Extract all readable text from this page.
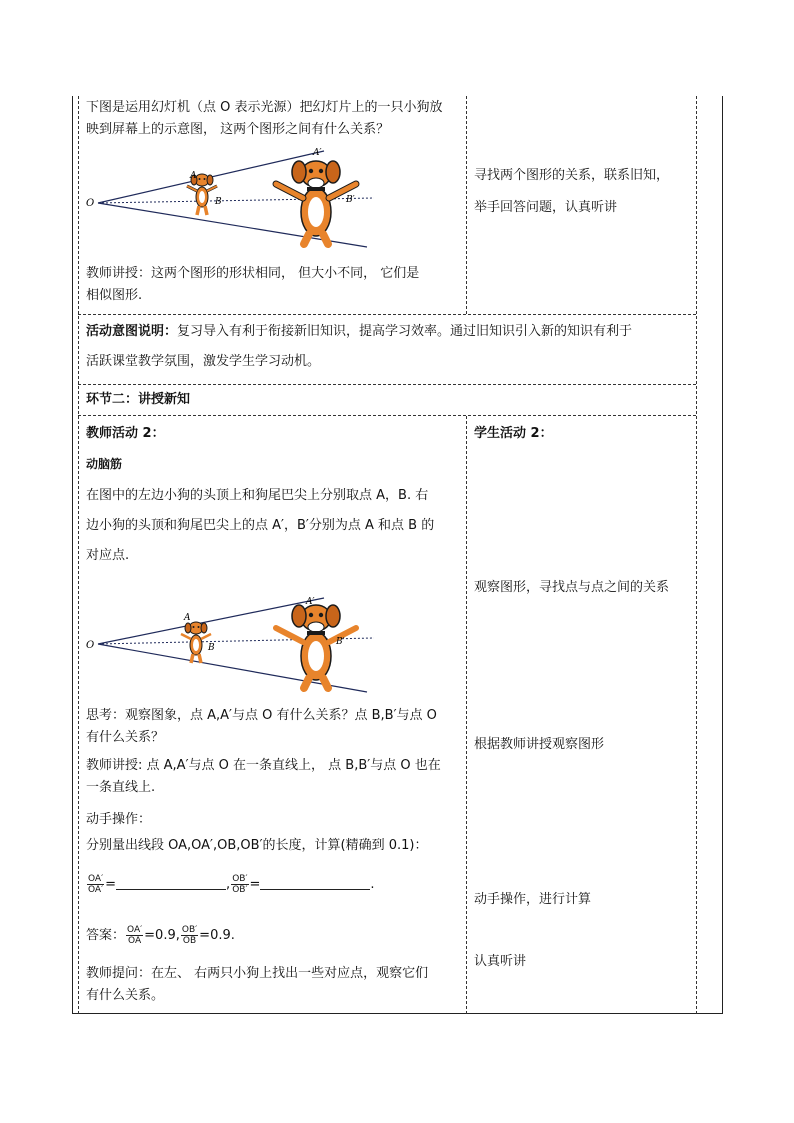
下图是运用幻灯机（点 O 表示光源）把幻灯片上的一只小狗放
映到屏幕上的示意图， 这两个图形之间有什么关系？
O
A
B
A′
B′
教师讲授：这两个图形的形状相同， 但大小不同， 它们是
相似图形.
寻找两个图形的关系，联系旧知，
举手回答问题，认真听讲
活动意图说明：复习导入有利于衔接新旧知识，提高学习效率。通过旧知识引入新的知识有利于
活跃课堂教学氛围，激发学生学习动机。
环节二：讲授新知
教师活动 2：
动脑筋
在图中的左边小狗的头顶上和狗尾巴尖上分别取点 A，B. 右
边小狗的头顶和狗尾巴尖上的点 A′，B′分别为点 A 和点 B 的
对应点.
O
A
B
A′
B′
思考：观察图象，点 A,A′与点 O 有什么关系？点 B,B′与点 O
有什么关系？
教师讲授: 点 A,A′与点 O 在一条直线上， 点 B,B′与点 O 也在
一条直线上.
动手操作：
分别量出线段 OA,OA′,OB,OB′的长度，计算(精确到 0.1)：
$\frac{OA'}{OA'}$ =	, $\frac{OB'}{OB'}$ =	.
答案： $\frac{OA'}{OA} =0.9$, $\frac{OB'}{OB} =0.9$.
教师提问：在左、 右两只小狗上找出一些对应点，观察它们
有什么关系。
学生活动 2：
观察图形，寻找点与点之间的关系
根据教师讲授观察图形
动手操作，进行计算
认真听讲
